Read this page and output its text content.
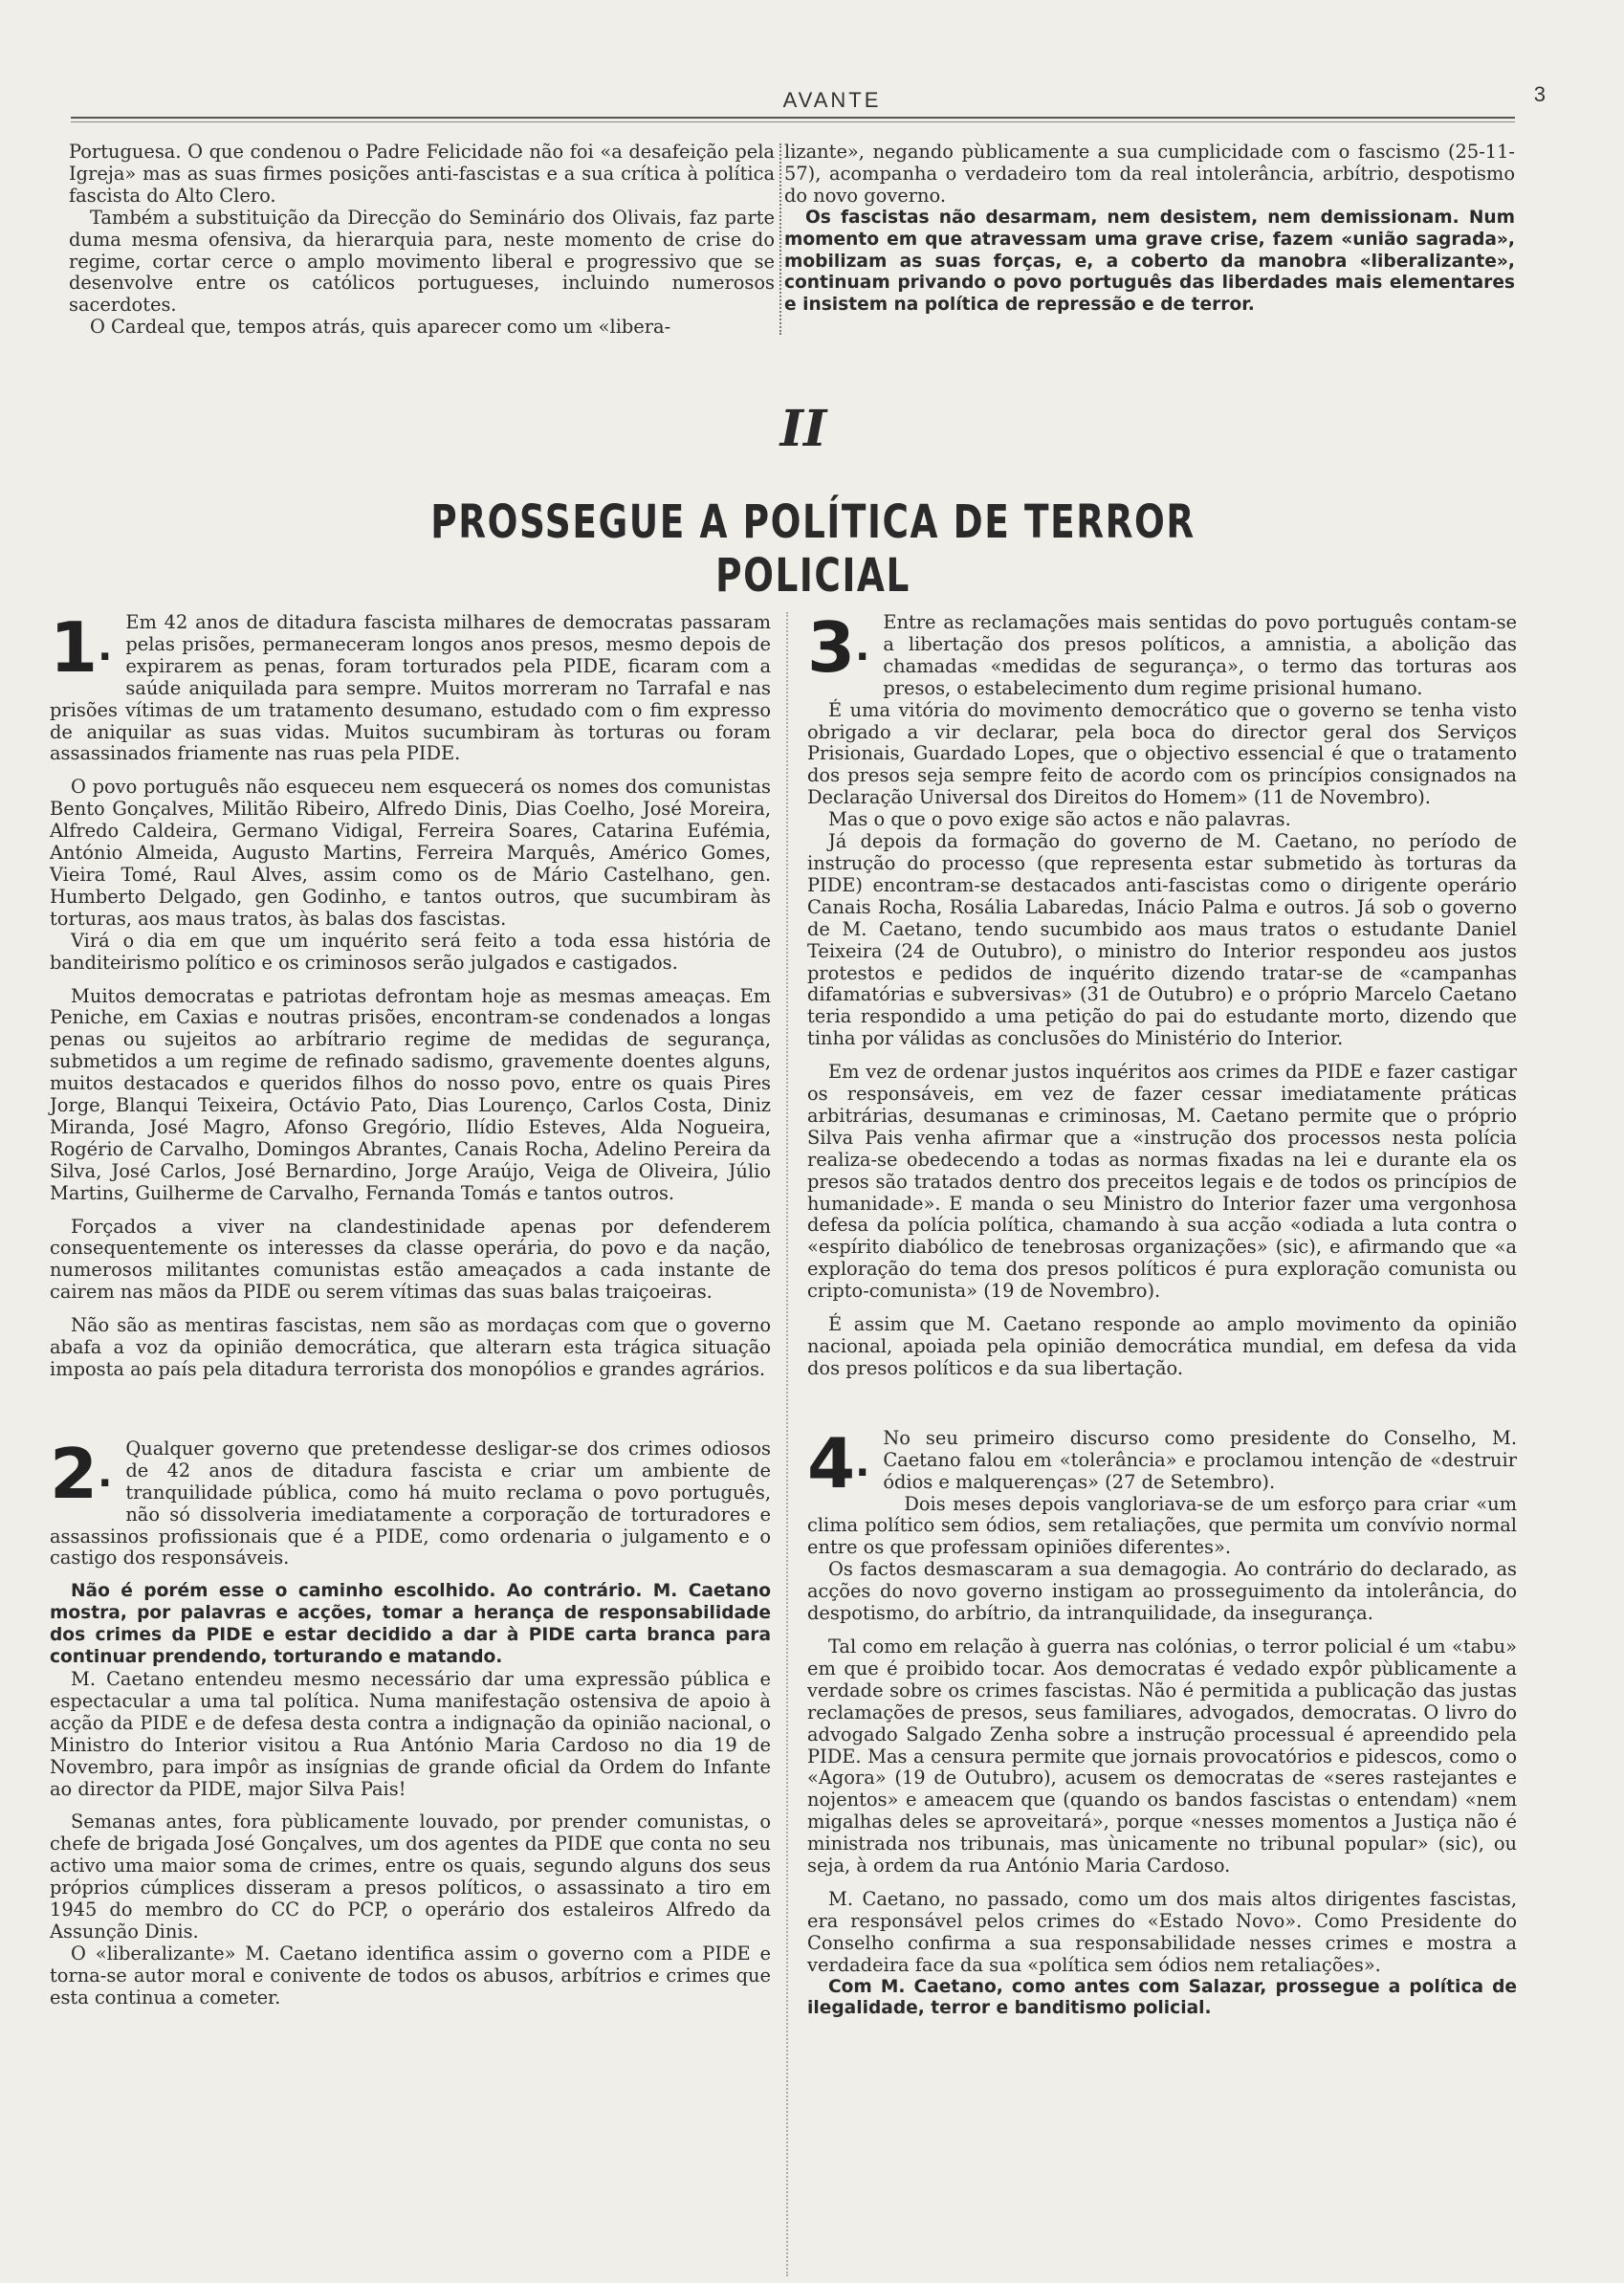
AVANTE	3

Portuguesa. O que condenou o Padre Felicidade não foi «a desafeição pela Igreja» mas as suas firmes posições anti-fascistas e a sua crítica à política fascista do Alto Clero.

Também a substituição da Direcção do Seminário dos Olivais, faz parte duma mesma ofensiva, da hierarquia para, neste momento de crise do regime, cortar cerce o amplo movimento liberal e progressivo que se desenvolve entre os católicos portugueses, incluindo numerosos sacerdotes.

O Cardeal que, tempos atrás, quis aparecer como um «libera-

lizante», negando pùblicamente a sua cumplicidade com o fascismo (25-11-57), acompanha o verdadeiro tom da real intolerância, arbítrio, despotismo do novo governo.

Os fascistas não desarmam, nem desistem, nem demissionam. Num momento em que atravessam uma grave crise, fazem «união sagrada», mobilizam as suas forças, e, a coberto da manobra «liberalizante», continuam privando o povo português das liberdades mais elementares e insistem na política de repressão e de terror.

II
PROSSEGUE A POLÍTICA DE TERROR POLICIAL
1.

Em 42 anos de ditadura fascista milhares de democratas passaram pelas prisões, permaneceram longos anos presos, mesmo depois de expirarem as penas, foram torturados pela PIDE, ficaram com a saúde aniquilada para sempre. Muitos morreram no Tarrafal e nas prisões vítimas de um tratamento desumano, estudado com o fim expresso de aniquilar as suas vidas. Muitos sucumbiram às torturas ou foram assassinados friamente nas ruas pela PIDE.

O povo português não esqueceu nem esquecerá os nomes dos comunistas Bento Gonçalves, Militão Ribeiro, Alfredo Dinis, Dias Coelho, José Moreira, Alfredo Caldeira, Germano Vidigal, Ferreira Soares, Catarina Eufémia, António Almeida, Augusto Martins, Ferreira Marquês, Américo Gomes, Vieira Tomé, Raul Alves, assim como os de Mário Castelhano, gen. Humberto Delgado, gen Godinho, e tantos outros, que sucumbiram às torturas, aos maus tratos, às balas dos fascistas.

Virá o dia em que um inquérito será feito a toda essa história de banditeirismo político e os criminosos serão julgados e castigados.

Muitos democratas e patriotas defrontam hoje as mesmas ameaças. Em Peniche, em Caxias e noutras prisões, encontram-se condenados a longas penas ou sujeitos ao arbítrario regime de medidas de segurança, submetidos a um regime de refinado sadismo, gravemente doentes alguns, muitos destacados e queridos filhos do nosso povo, entre os quais Pires Jorge, Blanqui Teixeira, Octávio Pato, Dias Lourenço, Carlos Costa, Diniz Miranda, José Magro, Afonso Gregório, Ilídio Esteves, Alda Nogueira, Rogério de Carvalho, Domingos Abrantes, Canais Rocha, Adelino Pereira da Silva, José Carlos, José Bernardino, Jorge Araújo, Veiga de Oliveira, Júlio Martins, Guilherme de Carvalho, Fernanda Tomás e tantos outros.

Forçados a viver na clandestinidade apenas por defenderem consequentemente os interesses da classe operária, do povo e da nação, numerosos militantes comunistas estão ameaçados a cada instante de cairem nas mãos da PIDE ou serem vítimas das suas balas traiçoeiras.

Não são as mentiras fascistas, nem são as mordaças com que o governo abafa a voz da opinião democrática, que alterarn esta trágica situação imposta ao país pela ditadura terrorista dos monopólios e grandes agrários.

2.

Qualquer governo que pretendesse desligar-se dos crimes odiosos de 42 anos de ditadura fascista e criar um ambiente de tranquilidade pública, como há muito reclama o povo português, não só dissolveria imediatamente a corporação de torturadores e assassinos profissionais que é a PIDE, como ordenaria o julgamento e o castigo dos responsáveis.

Não é porém esse o caminho escolhido. Ao contrário. M. Caetano mostra, por palavras e acções, tomar a herança de responsabilidade dos crimes da PIDE e estar decidido a dar à PIDE carta branca para continuar prendendo, torturando e matando.

M. Caetano entendeu mesmo necessário dar uma expressão pública e espectacular a uma tal política. Numa manifestação ostensiva de apoio à acção da PIDE e de defesa desta contra a indignação da opinião nacional, o Ministro do Interior visitou a Rua António Maria Cardoso no dia 19 de Novembro, para impôr as insígnias de grande oficial da Ordem do Infante ao director da PIDE, major Silva Pais!

Semanas antes, fora pùblicamente louvado, por prender comunistas, o chefe de brigada José Gonçalves, um dos agentes da PIDE que conta no seu activo uma maior soma de crimes, entre os quais, segundo alguns dos seus próprios cúmplices disseram a presos políticos, o assassinato a tiro em 1945 do membro do CC do PCP, o operário dos estaleiros Alfredo da Assunção Dinis.

O «liberalizante» M. Caetano identifica assim o governo com a PIDE e torna-se autor moral e conivente de todos os abusos, arbítrios e crimes que esta continua a cometer.

3.

Entre as reclamações mais sentidas do povo português contam-se a libertação dos presos políticos, a amnistia, a abolição das chamadas «medidas de segurança», o termo das torturas aos presos, o estabelecimento dum regime prisional humano.

É uma vitória do movimento democrático que o governo se tenha visto obrigado a vir declarar, pela boca do director geral dos Serviços Prisionais, Guardado Lopes, que o objectivo essencial é que o tratamento dos presos seja sempre feito de acordo com os princípios consignados na Declaração Universal dos Direitos do Homem» (11 de Novembro).

Mas o que o povo exige são actos e não palavras.

Já depois da formação do governo de M. Caetano, no período de instrução do processo (que representa estar submetido às torturas da PIDE) encontram-se destacados anti-fascistas como o dirigente operário Canais Rocha, Rosália Labaredas, Inácio Palma e outros. Já sob o governo de M. Caetano, tendo sucumbido aos maus tratos o estudante Daniel Teixeira (24 de Outubro), o ministro do Interior respondeu aos justos protestos e pedidos de inquérito dizendo tratar-se de «campanhas difamatórias e subversivas» (31 de Outubro) e o próprio Marcelo Caetano teria respondido a uma petição do pai do estudante morto, dizendo que tinha por válidas as conclusões do Ministério do Interior.

Em vez de ordenar justos inquéritos aos crimes da PIDE e fazer castigar os responsáveis, em vez de fazer cessar imediatamente práticas arbitrárias, desumanas e criminosas, M. Caetano permite que o próprio Silva Pais venha afirmar que a «instrução dos processos nesta polícia realiza-se obedecendo a todas as normas fixadas na lei e durante ela os presos são tratados dentro dos preceitos legais e de todos os princípios de humanidade». E manda o seu Ministro do Interior fazer uma vergonhosa defesa da polícia política, chamando à sua acção «odiada a luta contra o «espírito diabólico de tenebrosas organizações» (sic), e afirmando que «a exploração do tema dos presos políticos é pura exploração comunista ou cripto-comunista» (19 de Novembro).

É assim que M. Caetano responde ao amplo movimento da opinião nacional, apoiada pela opinião democrática mundial, em defesa da vida dos presos políticos e da sua libertação.

4.

No seu primeiro discurso como presidente do Conselho, M. Caetano falou em «tolerância» e proclamou intenção de «destruir ódios e malquerenças» (27 de Setembro).

Dois meses depois vangloriava-se de um esforço para criar «um clima político sem ódios, sem retaliações, que permita um convívio normal entre os que professam opiniões diferentes».

Os factos desmascaram a sua demagogia. Ao contrário do declarado, as acções do novo governo instigam ao prosseguimento da intolerância, do despotismo, do arbítrio, da intranquilidade, da insegurança.

Tal como em relação à guerra nas colónias, o terror policial é um «tabu» em que é proibido tocar. Aos democratas é vedado expôr pùblicamente a verdade sobre os crimes fascistas. Não é permitida a publicação das justas reclamações de presos, seus familiares, advogados, democratas. O livro do advogado Salgado Zenha sobre a instrução processual é apreendido pela PIDE. Mas a censura permite que jornais provocatórios e pidescos, como o «Agora» (19 de Outubro), acusem os democratas de «seres rastejantes e nojentos» e ameacem que (quando os bandos fascistas o entendam) «nem migalhas deles se aproveitará», porque «nesses momentos a Justiça não é ministrada nos tribunais, mas ùnicamente no tribunal popular» (sic), ou seja, à ordem da rua António Maria Cardoso.

M. Caetano, no passado, como um dos mais altos dirigentes fascistas, era responsável pelos crimes do «Estado Novo». Como Presidente do Conselho confirma a sua responsabilidade nesses crimes e mostra a verdadeira face da sua «política sem ódios nem retaliações».

Com M. Caetano, como antes com Salazar, prossegue a política de ilegalidade, terror e banditismo policial.
